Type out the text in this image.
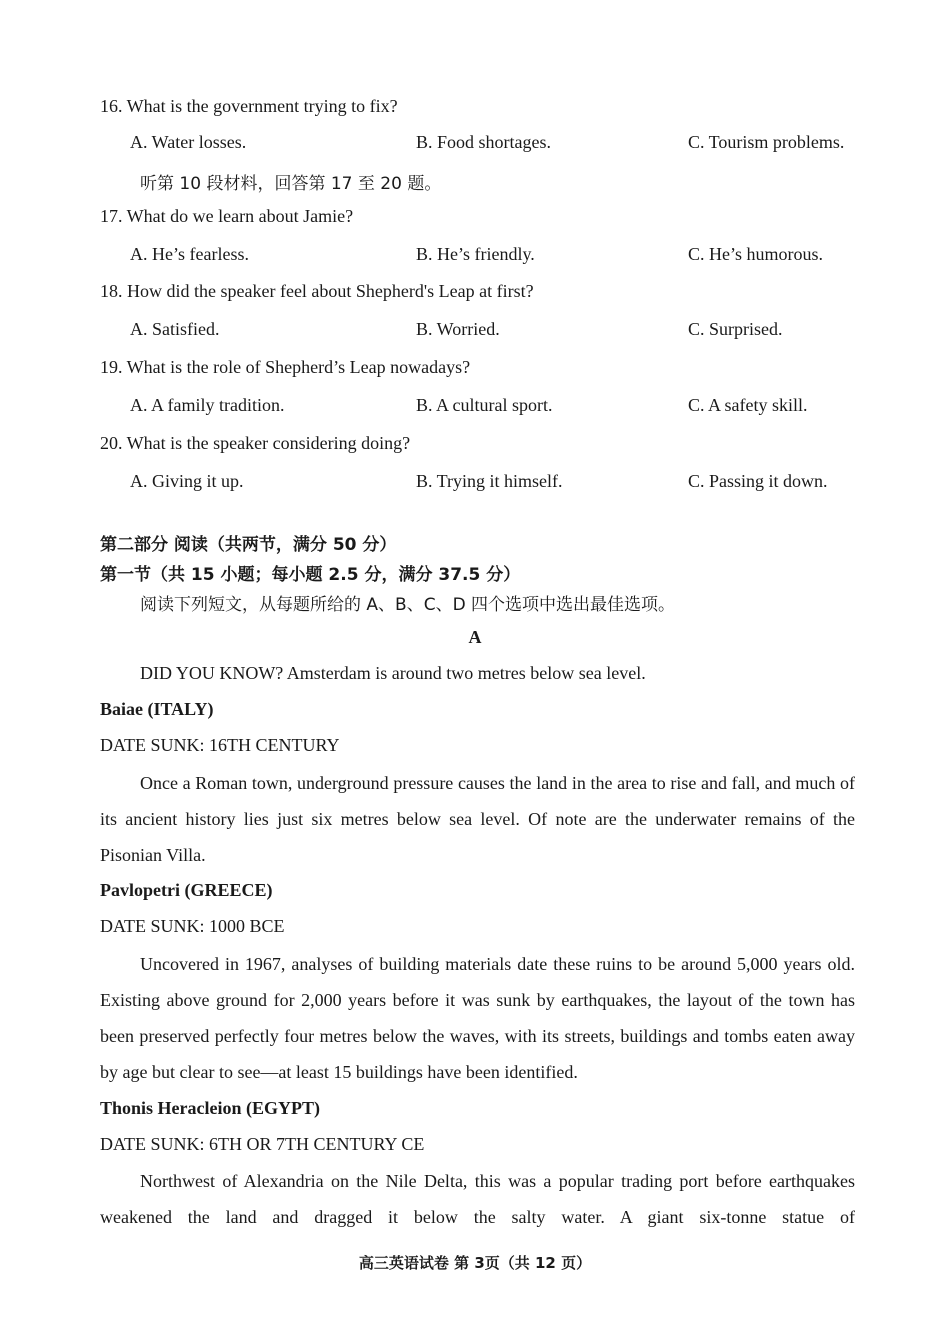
16. What is the government trying to fix?
A. Water losses.	B. Food shortages.	C. Tourism problems.
听第 10 段材料，回答第 17 至 20 题。
17. What do we learn about Jamie?
A. He’s fearless.	B. He’s friendly.	C. He’s humorous.
18. How did the speaker feel about Shepherd's Leap at first?
A. Satisfied.	B. Worried.	C. Surprised.
19. What is the role of Shepherd’s Leap nowadays?
A. A family tradition.	B. A cultural sport.	C. A safety skill.
20. What is the speaker considering doing?
A. Giving it up.	B. Trying it himself.	C. Passing it down.
第二部分 阅读（共两节，满分 50 分）
第一节（共 15 小题；每小题 2.5 分，满分 37.5 分）
阅读下列短文，从每题所给的 A、B、C、D 四个选项中选出最佳选项。
A
DID YOU KNOW? Amsterdam is around two metres below sea level.
Baiae (ITALY)
DATE SUNK: 16TH CENTURY
Once a Roman town, underground pressure causes the land in the area to rise and fall, and much of its ancient history lies just six metres below sea level. Of note are the underwater remains of the Pisonian Villa.
Pavlopetri (GREECE)
DATE SUNK: 1000 BCE
Uncovered in 1967, analyses of building materials date these ruins to be around 5,000 years old. Existing above ground for 2,000 years before it was sunk by earthquakes, the layout of the town has been preserved perfectly four metres below the waves, with its streets, buildings and tombs eaten away by age but clear to see—at least 15 buildings have been identified.
Thonis Heracleion (EGYPT)
DATE SUNK: 6TH OR 7TH CENTURY CE
Northwest of Alexandria on the Nile Delta, this was a popular trading port before earthquakes weakened the land and dragged it below the salty water. A giant six-tonne statue of
高三英语试卷 第 3页（共 12 页）
